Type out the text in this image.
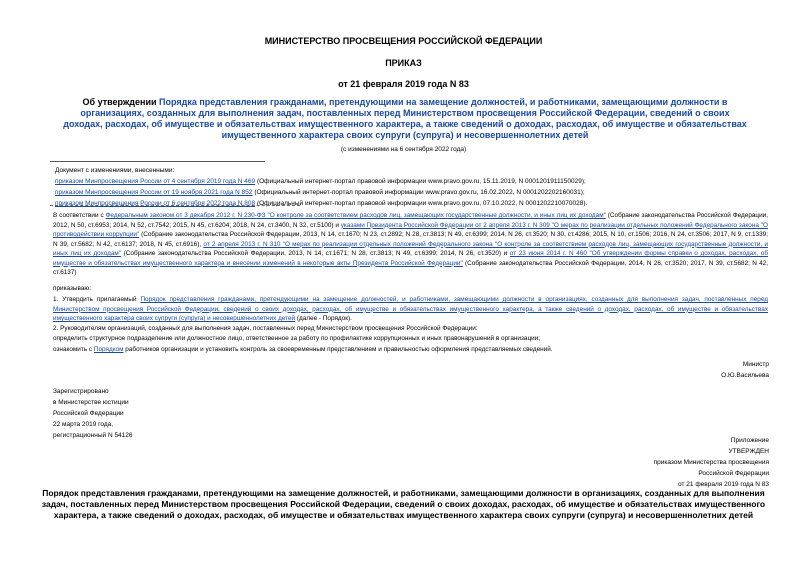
МИНИСТЕРСТВО ПРОСВЕЩЕНИЯ РОССИЙСКОЙ ФЕДЕРАЦИИ
ПРИКАЗ
от 21 февраля 2019 года N 83
Об утверждении Порядка представления гражданами, претендующими на замещение должностей, и работниками, замещающими должности в организациях, созданных для выполнения задач, поставленных перед Министерством просвещения Российской Федерации, сведений о своих доходах, расходах, об имуществе и обязательствах имущественного характера, а также сведений о доходах, расходах, об имуществе и обязательствах имущественного характера своих супруги (супруга) и несовершеннолетних детей
(с изменениями на 6 сентября 2022 года)
Документ с изменениями, внесенными:
приказом Минпросвещения России от 4 сентября 2019 года N 469 (Официальный интернет-портал правовой информации www.pravo.gov.ru, 15.11.2019, N 0001201911150029);
приказом Минпросвещения России от 19 ноября 2021 года N 852 (Официальный интернет-портал правовой информации www.pravo.gov.ru, 16.02.2022, N 0001202202160031);
приказом Минпросвещения России от 6 сентября 2022 года N 808 (Официальный интернет-портал правовой информации www.pravo.gov.ru, 07.10.2022, N 0001202210070028).
В соответствии с Федеральным законом от 3 декабря 2012 г. N 230-ФЗ "О контроле за соответствием расходов лиц, замещающих государственные должности, и иных лиц их доходам" (Собрание законодательства Российской Федерации, 2012, N 50, ст.6953; 2014, N 52, ст.7542; 2015, N 45, ст.6204; 2018, N 24, ст.3400, N 32, ст.5100) и указами Президента Российской Федерации от 2 апреля 2013 г. N 309 "О мерах по реализации отдельных положений Федерального закона "О противодействии коррупции" (Собрание законодательства Российской Федерации, 2013, N 14, ст.1670; N 23, ст.2892; N 28, ст.3813; N 49, ст.6399; 2014, N 26, ст.3520; N 30, ст.4286; 2015, N 10, ст.1506; 2016, N 24, ст.3506; 2017, N 9, ст.1339; N 39, ст.5682; N 42, ст.6137; 2018, N 45, ст.6916), от 2 апреля 2013 г. N 310 "О мерах по реализации отдельных положений Федерального закона "О контроле за соответствием расходов лиц, замещающих государственные должности, и иных лиц их доходам" (Собрание законодательства Российской Федерации, 2013, N 14, ст.1671; N 28, ст.3813; N 49, ст.6399; 2014, N 26, ст.3520) и от 23 июня 2014 г. N 460 "Об утверждении формы справки о доходах, расходах, об имуществе и обязательствах имущественного характера и внесении изменений в некоторые акты Президента Российской Федерации" (Собрание законодательства Российской Федерации, 2014, N 26, ст.3520; 2017, N 39, ст.5682; N 42, ст.6137)
приказываю:
1. Утвердить прилагаемый Порядок представления гражданами, претендующими на замещение должностей, и работниками, замещающими должности в организациях, созданных для выполнения задач, поставленных перед Министерством просвещения Российской Федерации, сведений о своих доходах, расходах, об имуществе и обязательствах имущественного характера, а также сведений о доходах, расходах, об имуществе и обязательствах имущественного характера своих супруги (супруга) и несовершеннолетних детей (далее - Порядок).
2. Руководителям организаций, созданных для выполнения задач, поставленных перед Министерством просвещения Российской Федерации:
определить структурное подразделение или должностное лицо, ответственное за работу по профилактике коррупционных и иных правонарушений в организации;
ознакомить с Порядком работников организации и установить контроль за своевременным представлением и правильностью оформления представляемых сведений.
Министр
О.Ю.Васильева
Зарегистрировано
в Министерстве юстиции
Российской Федерации
22 марта 2019 года,
регистрационный N 54126
Приложение
УТВЕРЖДЕН
приказом Министерства просвещения
Российской Федерации
от 21 февраля 2019 года N 83
Порядок представления гражданами, претендующими на замещение должностей, и работниками, замещающими должности в организациях, созданных для выполнения задач, поставленных перед Министерством просвещения Российской Федерации, сведений о своих доходах, расходах, об имуществе и обязательствах имущественного характера, а также сведений о доходах, расходах, об имуществе и обязательствах имущественного характера своих супруги (супруга) и несовершеннолетних детей
